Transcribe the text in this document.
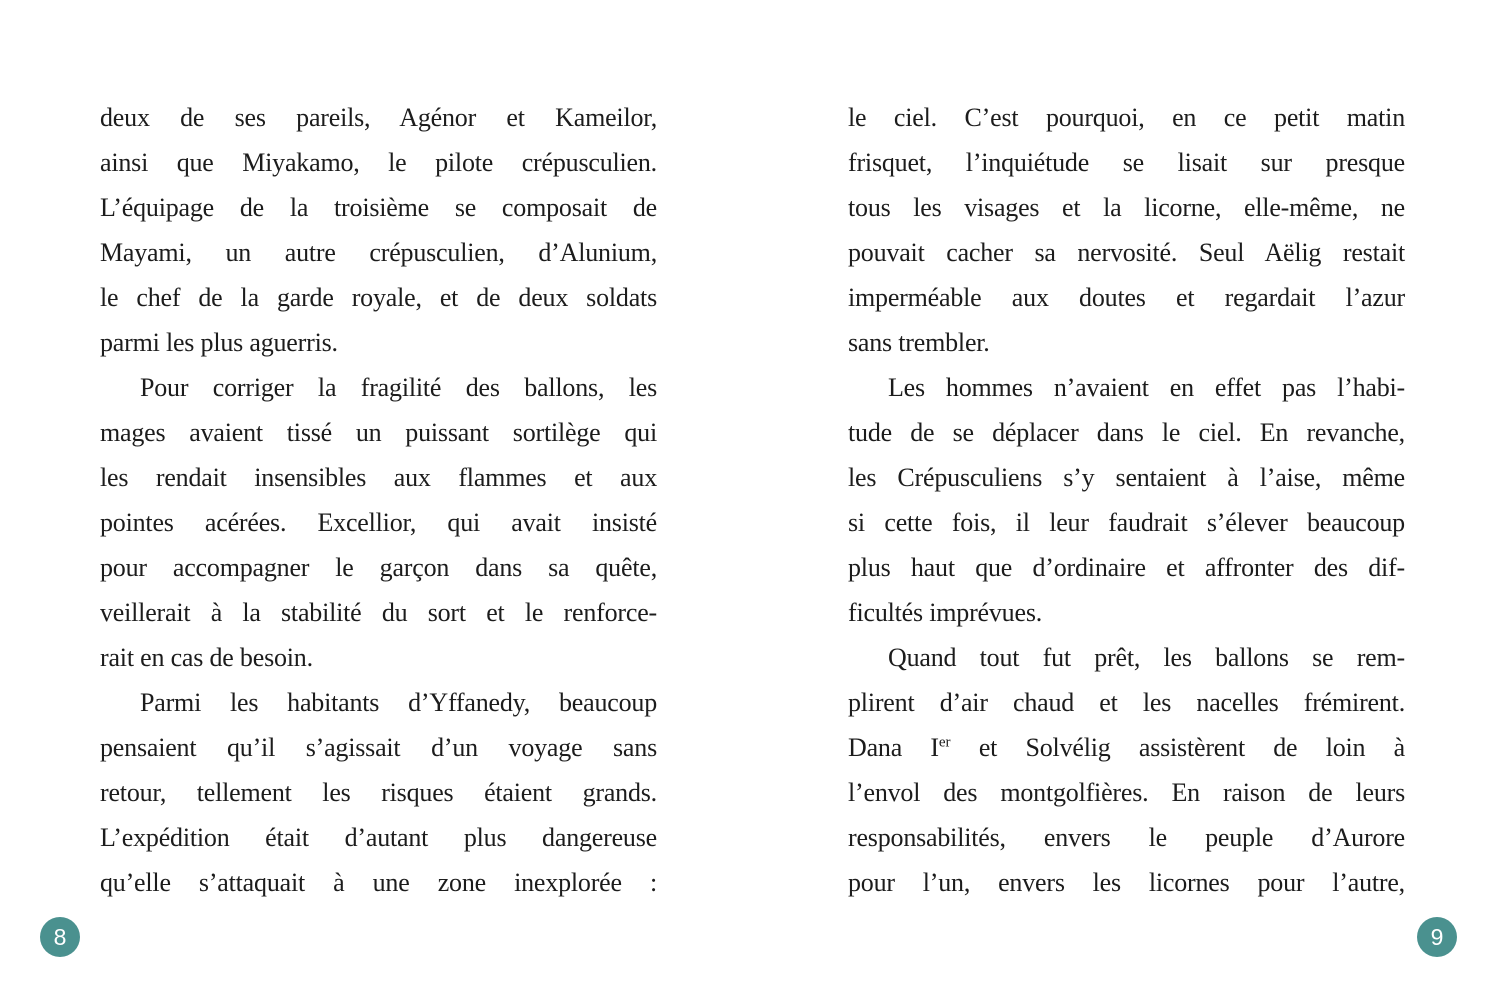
deux de ses pareils, Agénor et Kameilor,
ainsi que Miyakamo, le pilote crépusculien.
L’équipage de la troisième se composait de
Mayami, un autre crépusculien, d’Alunium,
le chef de la garde royale, et de deux soldats
parmi les plus aguerris.
Pour corriger la fragilité des ballons, les
mages avaient tissé un puissant sortilège qui
les rendait insensibles aux flammes et aux
pointes acérées. Excellior, qui avait insisté
pour accompagner le garçon dans sa quête,
veillerait à la stabilité du sort et le renforce-
rait en cas de besoin.
Parmi les habitants d’Yffanedy, beaucoup
pensaient qu’il s’agissait d’un voyage sans
retour, tellement les risques étaient grands.
L’expédition était d’autant plus dangereuse
qu’elle s’attaquait à une zone inexplorée :
le ciel. C’est pourquoi, en ce petit matin
frisquet, l’inquiétude se lisait sur presque
tous les visages et la licorne, elle-même, ne
pouvait cacher sa nervosité. Seul Aëlig restait
imperméable aux doutes et regardait l’azur
sans trembler.
Les hommes n’avaient en effet pas l’habi-
tude de se déplacer dans le ciel. En revanche,
les Crépusculiens s’y sentaient à l’aise, même
si cette fois, il leur faudrait s’élever beaucoup
plus haut que d’ordinaire et affronter des dif-
ficultés imprévues.
Quand tout fut prêt, les ballons se rem-
plirent d’air chaud et les nacelles frémirent.
Dana Ier et Solvélig assistèrent de loin à
l’envol des montgolfières. En raison de leurs
responsabilités, envers le peuple d’Aurore
pour l’un, envers les licornes pour l’autre,
8	9
